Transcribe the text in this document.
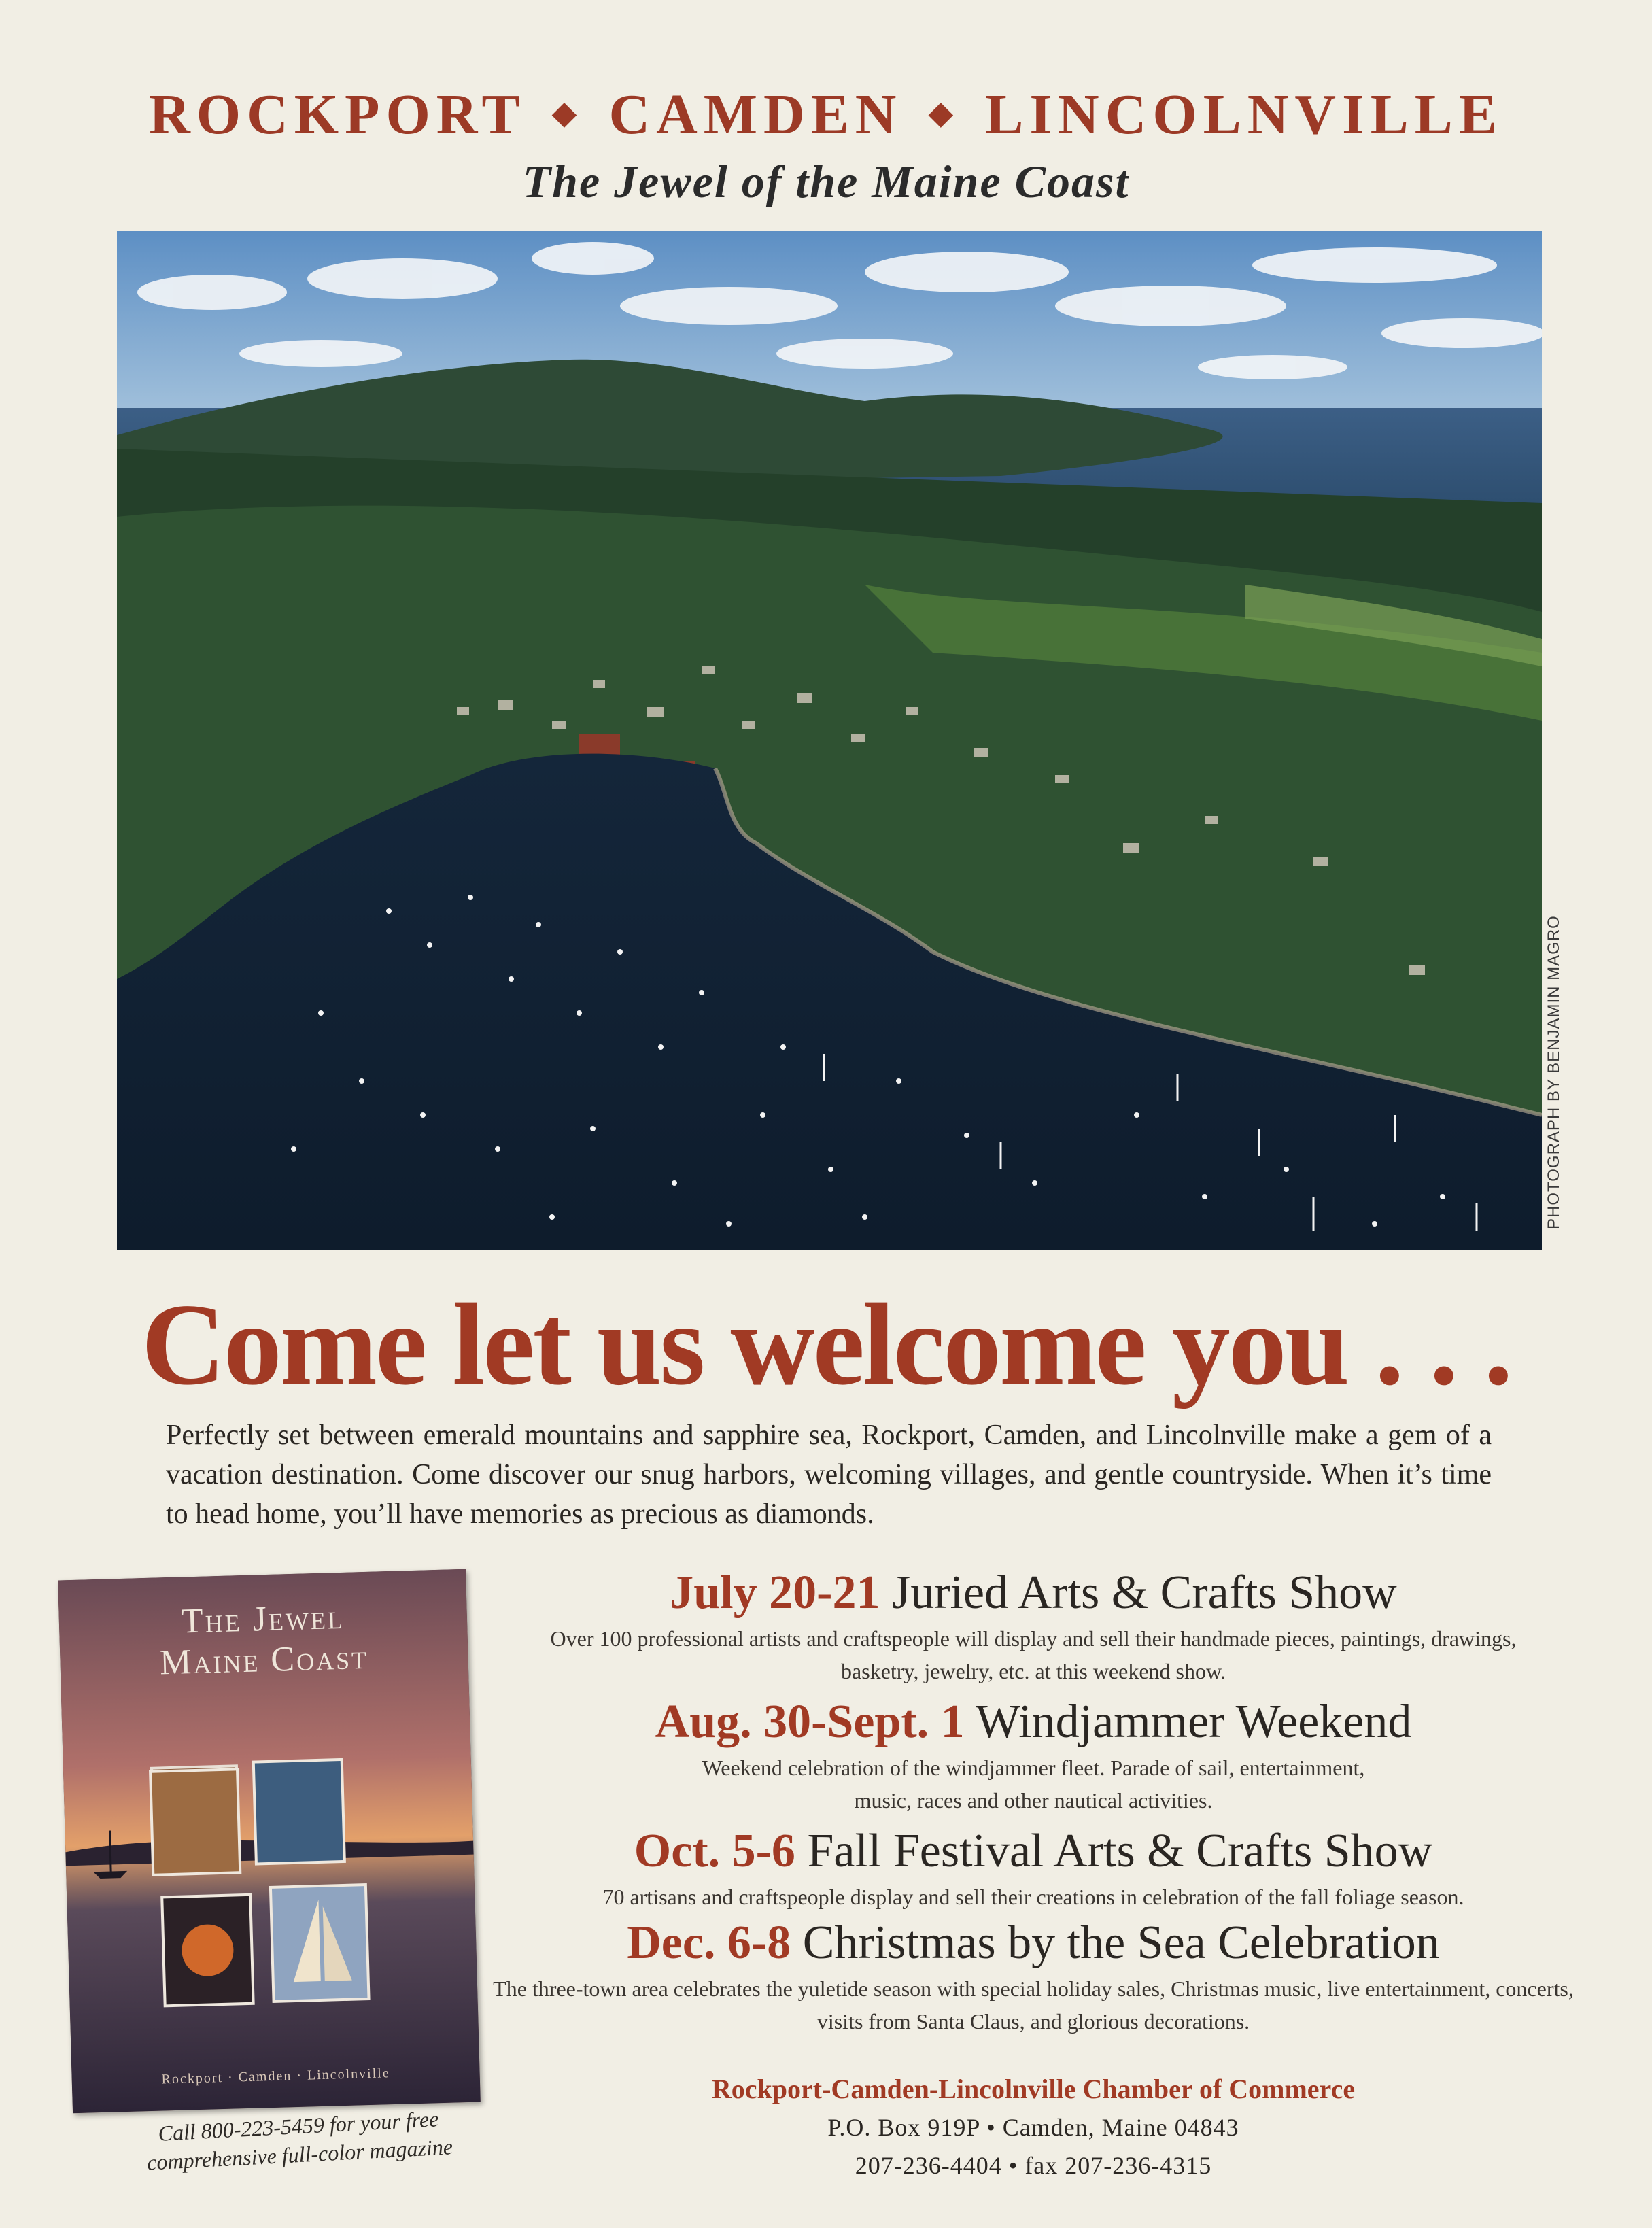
ROCKPORT ◆ CAMDEN ◆ LINCOLNVILLE
The Jewel of the Maine Coast
PHOTOGRAPH BY BENJAMIN MAGRO
Come let us welcome you . . .
Perfectly set between emerald mountains and sapphire sea, Rockport, Camden, and Lincolnville make a gem of a vacation destination. Come discover our snug harbors, welcoming villages, and gentle countryside. When it’s time to head home, you’ll have memories as precious as diamonds.
The Jewel
Maine Coast
Rockport · Camden · Lincolnville
Call 800-223-5459 for your free
comprehensive full-color magazine
July 20-21 Juried Arts & Crafts Show
Over 100 professional artists and craftspeople will display and sell their handmade pieces, paintings, drawings, basketry, jewelry, etc. at this weekend show.
Aug. 30-Sept. 1 Windjammer Weekend
Weekend celebration of the windjammer fleet. Parade of sail, entertainment, music, races and other nautical activities.
Oct. 5-6 Fall Festival Arts & Crafts Show
70 artisans and craftspeople display and sell their creations in celebration of the fall foliage season.
Dec. 6-8 Christmas by the Sea Celebration
The three-town area celebrates the yuletide season with special holiday sales, Christmas music, live entertainment, concerts, visits from Santa Claus, and glorious decorations.
Rockport-Camden-Lincolnville Chamber of Commerce
P.O. Box 919P • Camden, Maine 04843
207-236-4404 • fax 207-236-4315
